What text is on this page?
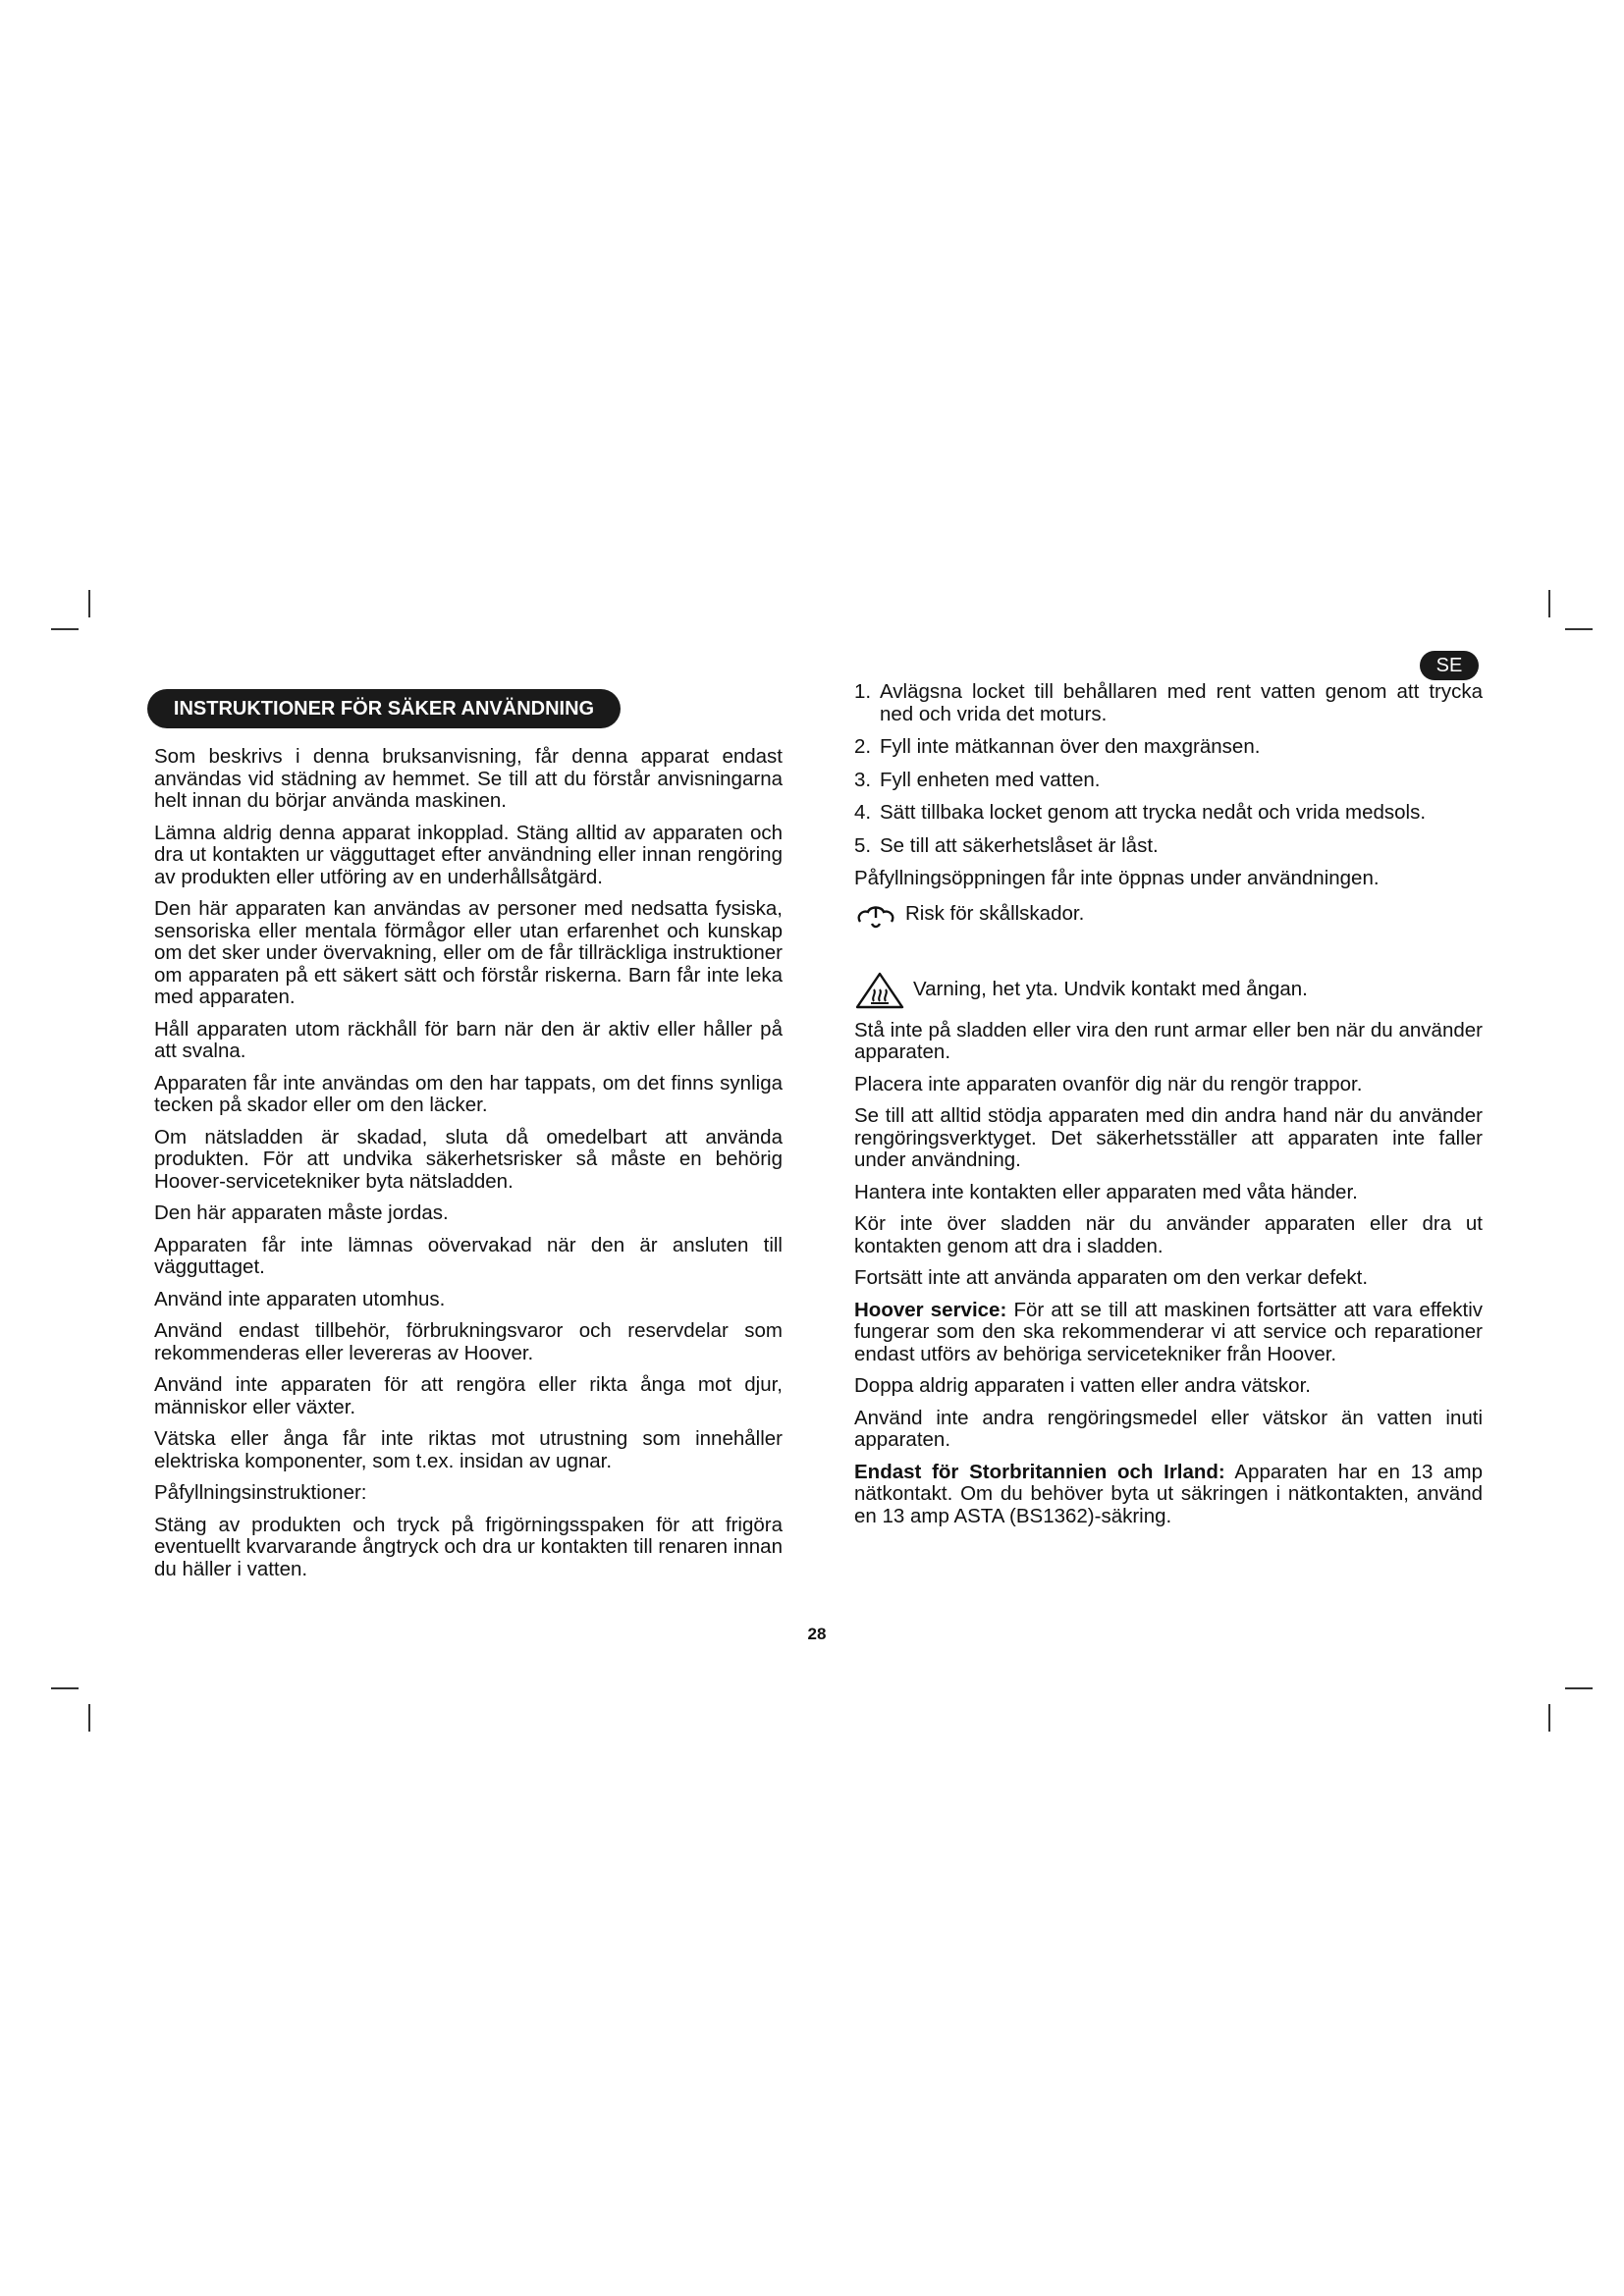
INSTRUKTIONER FÖR SÄKER ANVÄNDNING
SE

Som beskrivs i denna bruksanvisning, får denna apparat endast användas vid städning av hemmet. Se till att du förstår anvisningarna helt innan du börjar använda maskinen.

Lämna aldrig denna apparat inkopplad. Stäng alltid av apparaten och dra ut kontakten ur vägguttaget efter användning eller innan rengöring av produkten eller utföring av en underhållsåtgärd.

Den här apparaten kan användas av personer med nedsatta fysiska, sensoriska eller mentala förmågor eller utan erfarenhet och kunskap om det sker under övervakning, eller om de får tillräckliga instruktioner om apparaten på ett säkert sätt och förstår riskerna. Barn får inte leka med apparaten.

Håll apparaten utom räckhåll för barn när den är aktiv eller håller på att svalna.

Apparaten får inte användas om den har tappats, om det finns synliga tecken på skador eller om den läcker.

Om nätsladden är skadad, sluta då omedelbart att använda produkten. För att undvika säkerhetsrisker så måste en behörig Hoover-servicetekniker byta nätsladden.

Den här apparaten måste jordas.

Apparaten får inte lämnas oövervakad när den är ansluten till vägguttaget.

Använd inte apparaten utomhus.

Använd endast tillbehör, förbrukningsvaror och reservdelar som rekommenderas eller levereras av Hoover.

Använd inte apparaten för att rengöra eller rikta ånga mot djur, människor eller växter.

Vätska eller ånga får inte riktas mot utrustning som innehåller elektriska komponenter, som t.ex. insidan av ugnar.

Påfyllningsinstruktioner:

Stäng av produkten och tryck på frigörningsspaken för att frigöra eventuellt kvarvarande ångtryck och dra ur kontakten till renaren innan du häller i vatten.

1. Avlägsna locket till behållaren med rent vatten genom att trycka ned och vrida det moturs.
2. Fyll inte mätkannan över den maxgränsen.
3. Fyll enheten med vatten.
4. Sätt tillbaka locket genom att trycka nedåt och vrida medsols.
5. Se till att säkerhetslåset är låst.

Påfyllningsöppningen får inte öppnas under användningen.

Risk för skållskador.
Varning, het yta. Undvik kontakt med ångan.

Stå inte på sladden eller vira den runt armar eller ben när du använder apparaten.

Placera inte apparaten ovanför dig när du rengör trappor.

Se till att alltid stödja apparaten med din andra hand när du använder rengöringsverktyget. Det säkerhetsställer att apparaten inte faller under användning.

Hantera inte kontakten eller apparaten med våta händer.

Kör inte över sladden när du använder apparaten eller dra ut kontakten genom att dra i sladden.

Fortsätt inte att använda apparaten om den verkar defekt.

Hoover service: För att se till att maskinen fortsätter att vara effektiv fungerar som den ska rekommenderar vi att service och reparationer endast utförs av behöriga servicetekniker från Hoover.

Doppa aldrig apparaten i vatten eller andra vätskor.

Använd inte andra rengöringsmedel eller vätskor än vatten inuti apparaten.

Endast för Storbritannien och Irland: Apparaten har en 13 amp nätkontakt. Om du behöver byta ut säkringen i nätkontakten, använd en 13 amp ASTA (BS1362)-säkring.

28
